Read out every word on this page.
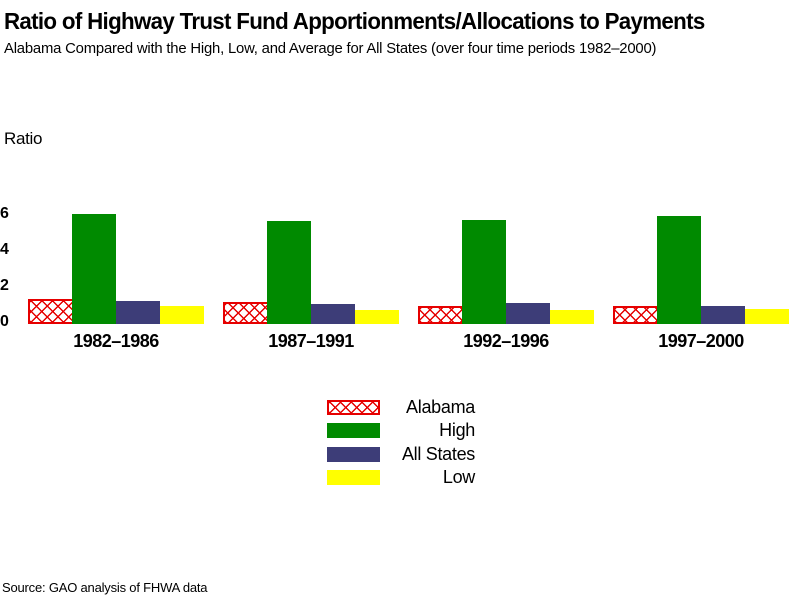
Ratio of Highway Trust Fund Apportionments/Allocations to Payments
Alabama Compared with the High, Low, and Average for All States (over four time periods 1982–2000)
Ratio
Source: GAO analysis of FHWA data
0
2
4
6
1982–1986	1987–1991	1992–1996	1997–2000
Alabama
High
All States
Low
